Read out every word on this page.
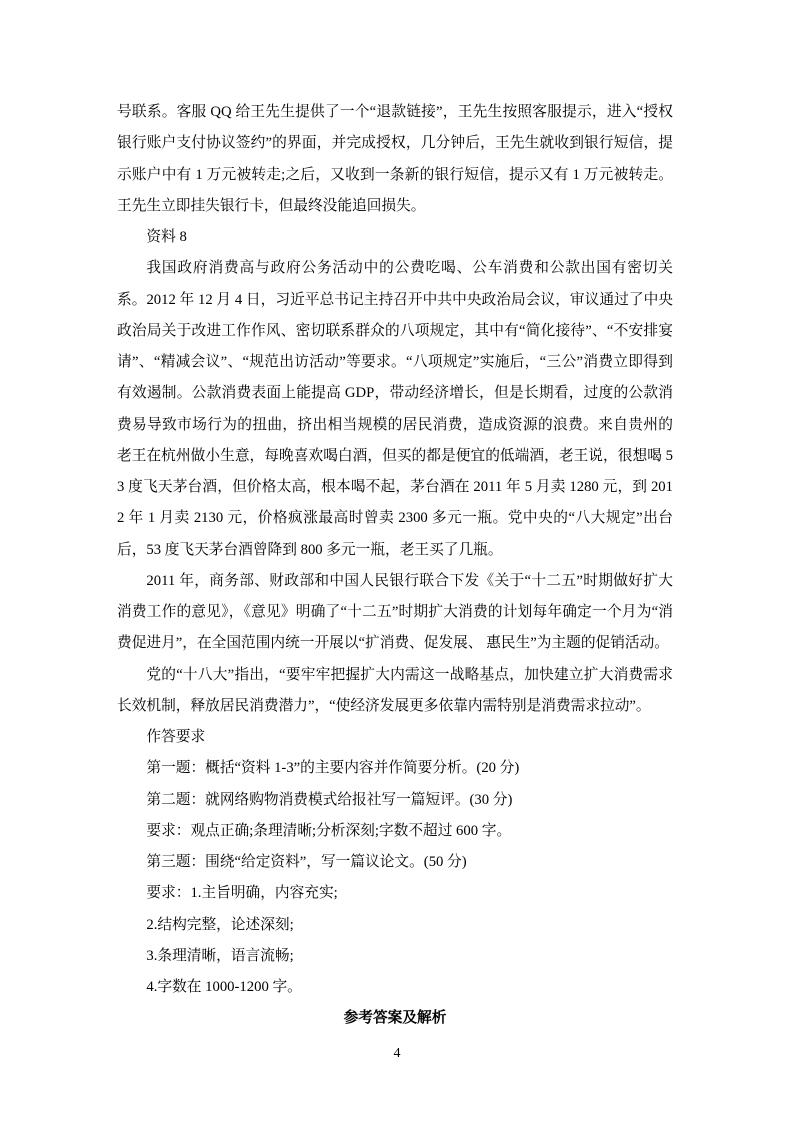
号联系。客服 QQ 给王先生提供了一个“退款链接”，王先生按照客服提示，进入“授权银行账户支付协议签约”的界面，并完成授权，几分钟后，王先生就收到银行短信，提示账户中有 1 万元被转走;之后，又收到一条新的银行短信，提示又有 1 万元被转走。王先生立即挂失银行卡，但最终没能追回损失。

资料 8

我国政府消费高与政府公务活动中的公费吃喝、公车消费和公款出国有密切关系。2012 年 12 月 4 日，习近平总书记主持召开中共中央政治局会议，审议通过了中央政治局关于改进工作作风、密切联系群众的八项规定，其中有“简化接待”、“不安排宴请”、“精减会议”、“规范出访活动”等要求。“八项规定”实施后，“三公”消费立即得到有效遏制。公款消费表面上能提高 GDP，带动经济增长，但是长期看，过度的公款消费易导致市场行为的扭曲，挤出相当规模的居民消费，造成资源的浪费。来自贵州的老王在杭州做小生意，每晚喜欢喝白酒，但买的都是便宜的低端酒，老王说，很想喝 53 度飞天茅台酒，但价格太高，根本喝不起，茅台酒在 2011 年 5 月卖 1280 元，到 2012 年 1 月卖 2130 元，价格疯涨最高时曾卖 2300 多元一瓶。党中央的“八大规定”出台后，53 度飞天茅台酒曾降到 800 多元一瓶，老王买了几瓶。

2011 年，商务部、财政部和中国人民银行联合下发《关于“十二五”时期做好扩大消费工作的意见》，《意见》明确了“十二五”时期扩大消费的计划每年确定一个月为“消费促进月”，在全国范围内统一开展以“扩消费、促发展、 惠民生”为主题的促销活动。

党的“十八大”指出，“要牢牢把握扩大内需这一战略基点，加快建立扩大消费需求长效机制，释放居民消费潜力”，“使经济发展更多依靠内需特别是消费需求拉动”。

作答要求

第一题：概括“资料 1-3”的主要内容并作简要分析。(20 分)

第二题：就网络购物消费模式给报社写一篇短评。(30 分)

要求：观点正确;条理清晰;分析深刻;字数不超过 600 字。

第三题：围绕“给定资料”，写一篇议论文。(50 分)

要求：1.主旨明确，内容充实;

2.结构完整，论述深刻;

3.条理清晰，语言流畅;

4.字数在 1000-1200 字。

参考答案及解析

4
